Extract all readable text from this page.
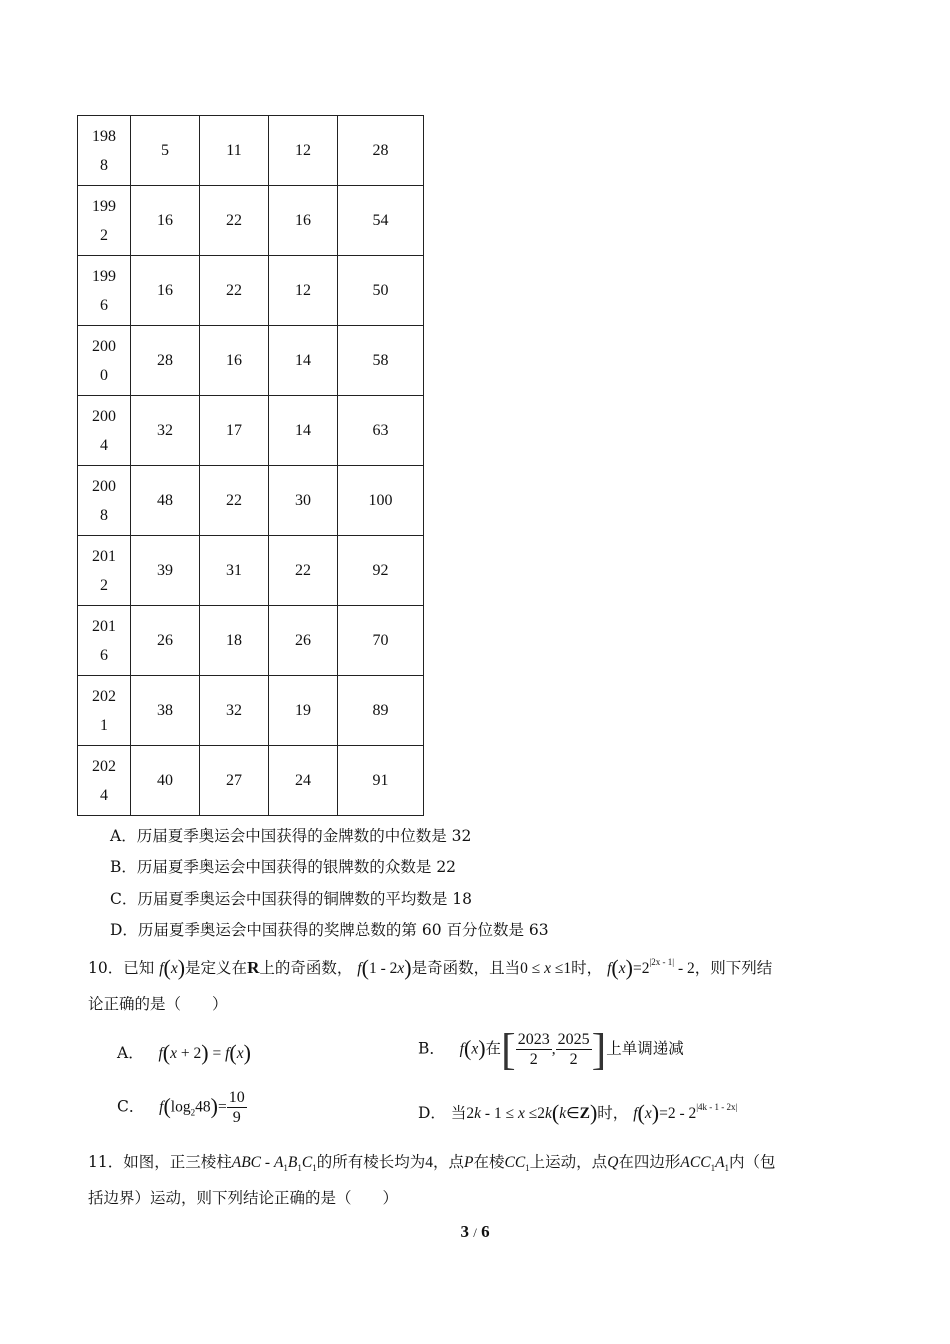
1988	5	11	12	28
1992	16	22	16	54
1996	16	22	12	50
2000	28	16	14	58
2004	32	17	14	63
2008	48	22	30	100
2012	39	31	22	92
2016	26	18	26	70
2021	38	32	19	89
2024	40	27	24	91
A．历届夏季奥运会中国获得的金牌数的中位数是 32
B．历届夏季奥运会中国获得的银牌数的众数是 22
C．历届夏季奥运会中国获得的铜牌数的平均数是 18
D．历届夏季奥运会中国获得的奖牌总数的第 60 百分位数是 63
10．已知 f(x)是定义在R上的奇函数， f(1 - 2x)是奇函数，且当0 ≤ x ≤1时， $f(x)=2^{|2x - 1|} - 2$，则下列结
论正确的是（　　）
A． f(x + 2) = f(x)	B． f(x)在[ $\frac{2023}{2}$ , $\frac{2025}{2}$ ]上单调递减
C． $f(\log_248)= \frac{10}{9}$	D． 当2k - 1 ≤ x ≤2k(k∈Z)时， $f(x)=2 - 2^{|4k - 1 - 2x|}$
11．如图，正三棱柱ABC - $A_1B_1C_1$的所有棱长均为4，点P在棱$CC_1$上运动，点Q在四边形$ACC_1A_1$内（包
括边界）运动，则下列结论正确的是（　　）
3 / 6
